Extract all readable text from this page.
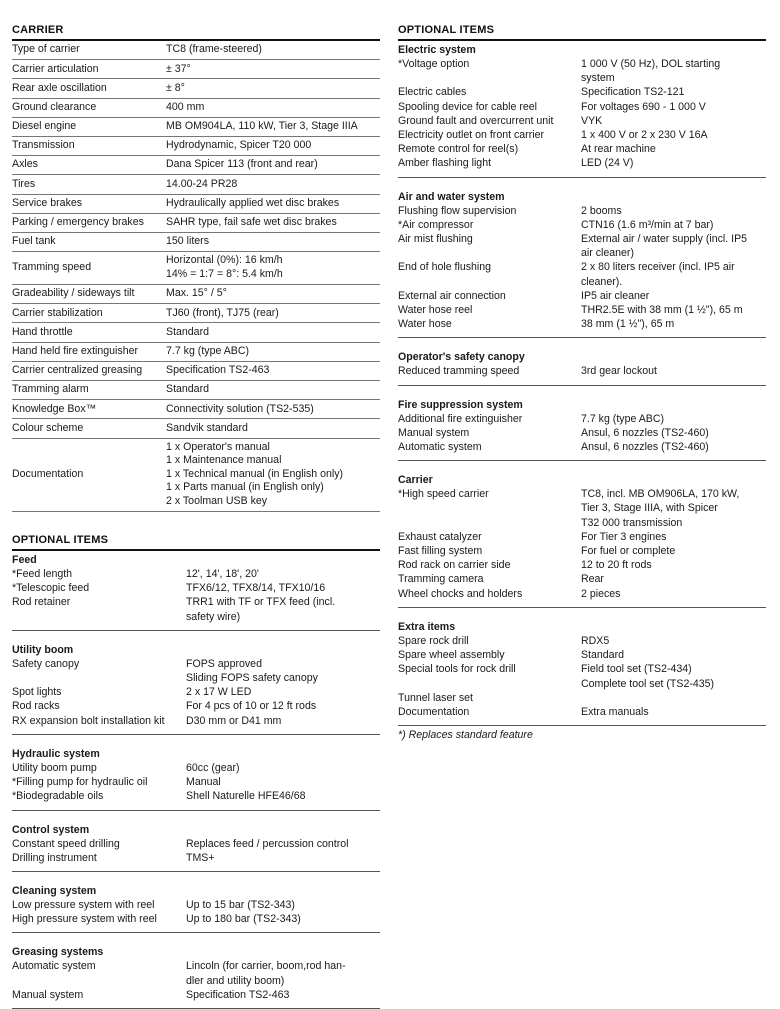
CARRIER
Type of carrier	TC8 (frame-steered)

Carrier articulation	± 37°

Rear axle oscillation	± 8°

Ground clearance	400 mm

Diesel engine	MB OM904LA, 110 kW, Tier 3, Stage IIIA

Transmission	Hydrodynamic, Spicer T20 000

Axles	Dana Spicer 113 (front and rear)

Tires	14.00-24 PR28

Service brakes	Hydraulically applied wet disc brakes

Parking / emergency brakes	SAHR type, fail safe wet disc brakes

Fuel tank	150 liters

Tramming speed	Horizontal (0%): 16 km/h
14% = 1:7 = 8°: 5.4 km/h

Gradeability / sideways tilt	Max. 15° / 5°

Carrier stabilization	TJ60 (front), TJ75 (rear)

Hand throttle	Standard

Hand held fire extinguisher	7.7 kg (type ABC)

Carrier centralized greasing	Specification TS2-463

Tramming alarm	Standard

Knowledge Box™	Connectivity solution (TS2-535)

Colour scheme	Sandvik standard

Documentation	1 x Operator's manual
1 x Maintenance manual
1 x Technical manual (in English only)
1 x Parts manual (in English only)
2 x Toolman USB key
OPTIONAL ITEMS
Feed
*Feed length	12', 14', 18', 20'
*Telescopic feed	TFX6/12, TFX8/14, TFX10/16
Rod retainer	TRR1 with TF or TFX feed (incl.
safety wire)
Utility boom
Safety canopy	FOPS approved
Sliding FOPS safety canopy
Spot lights	2 x 17 W LED
Rod racks	For 4 pcs of 10 or 12 ft rods
RX expansion bolt installation kit	D30 mm or D41 mm
Hydraulic system
Utility boom pump	60cc (gear)
*Filling pump for hydraulic oil	Manual
*Biodegradable oils	Shell Naturelle HFE46/68
Control system
Constant speed drilling	Replaces feed / percussion control
Drilling instrument	TMS+
Cleaning system
Low pressure system with reel	Up to 15 bar (TS2-343)
High pressure system with reel	Up to 180 bar (TS2-343)
Greasing systems
Automatic system	Lincoln (for carrier, boom,rod han-
dler and utility boom)
Manual system	Specification TS2-463
OPTIONAL ITEMS
Electric system
*Voltage option	1 000 V (50 Hz), DOL starting
system
Electric cables	Specification TS2-121
Spooling device for cable reel	For voltages 690 - 1 000 V
Ground fault and overcurrent unit	VYK
Electricity outlet on front carrier	1 x 400 V or 2 x 230 V 16A
Remote control for reel(s)	At rear machine
Amber flashing light	LED (24 V)
Air and water system
Flushing flow supervision	2 booms
*Air compressor	CTN16 (1.6 m³/min at 7 bar)
Air mist flushing	External air / water supply (incl. IP5
air cleaner)
End of hole flushing	2 x 80 liters receiver (incl. IP5 air
cleaner).
External air connection	IP5 air cleaner
Water hose reel	THR2.5E with 38 mm (1 ½"), 65 m
Water hose	38 mm (1 ½"), 65 m
Operator's safety canopy
Reduced tramming speed	3rd gear lockout
Fire suppression system
Additional fire extinguisher	7.7 kg (type ABC)
Manual system	Ansul, 6 nozzles (TS2-460)
Automatic system	Ansul, 6 nozzles (TS2-460)
Carrier
*High speed carrier	TC8, incl. MB OM906LA, 170 kW,
Tier 3, Stage IIIA, with Spicer
T32 000 transmission
Exhaust catalyzer	For Tier 3 engines
Fast filling system	For fuel or complete
Rod rack on carrier side	12 to 20 ft rods
Tramming camera	Rear
Wheel chocks and holders	2 pieces
Extra items
Spare rock drill	RDX5
Spare wheel assembly	Standard
Special tools for rock drill	Field tool set (TS2-434)
Complete tool set (TS2-435)
Tunnel laser set
Documentation	Extra manuals
*) Replaces standard feature
